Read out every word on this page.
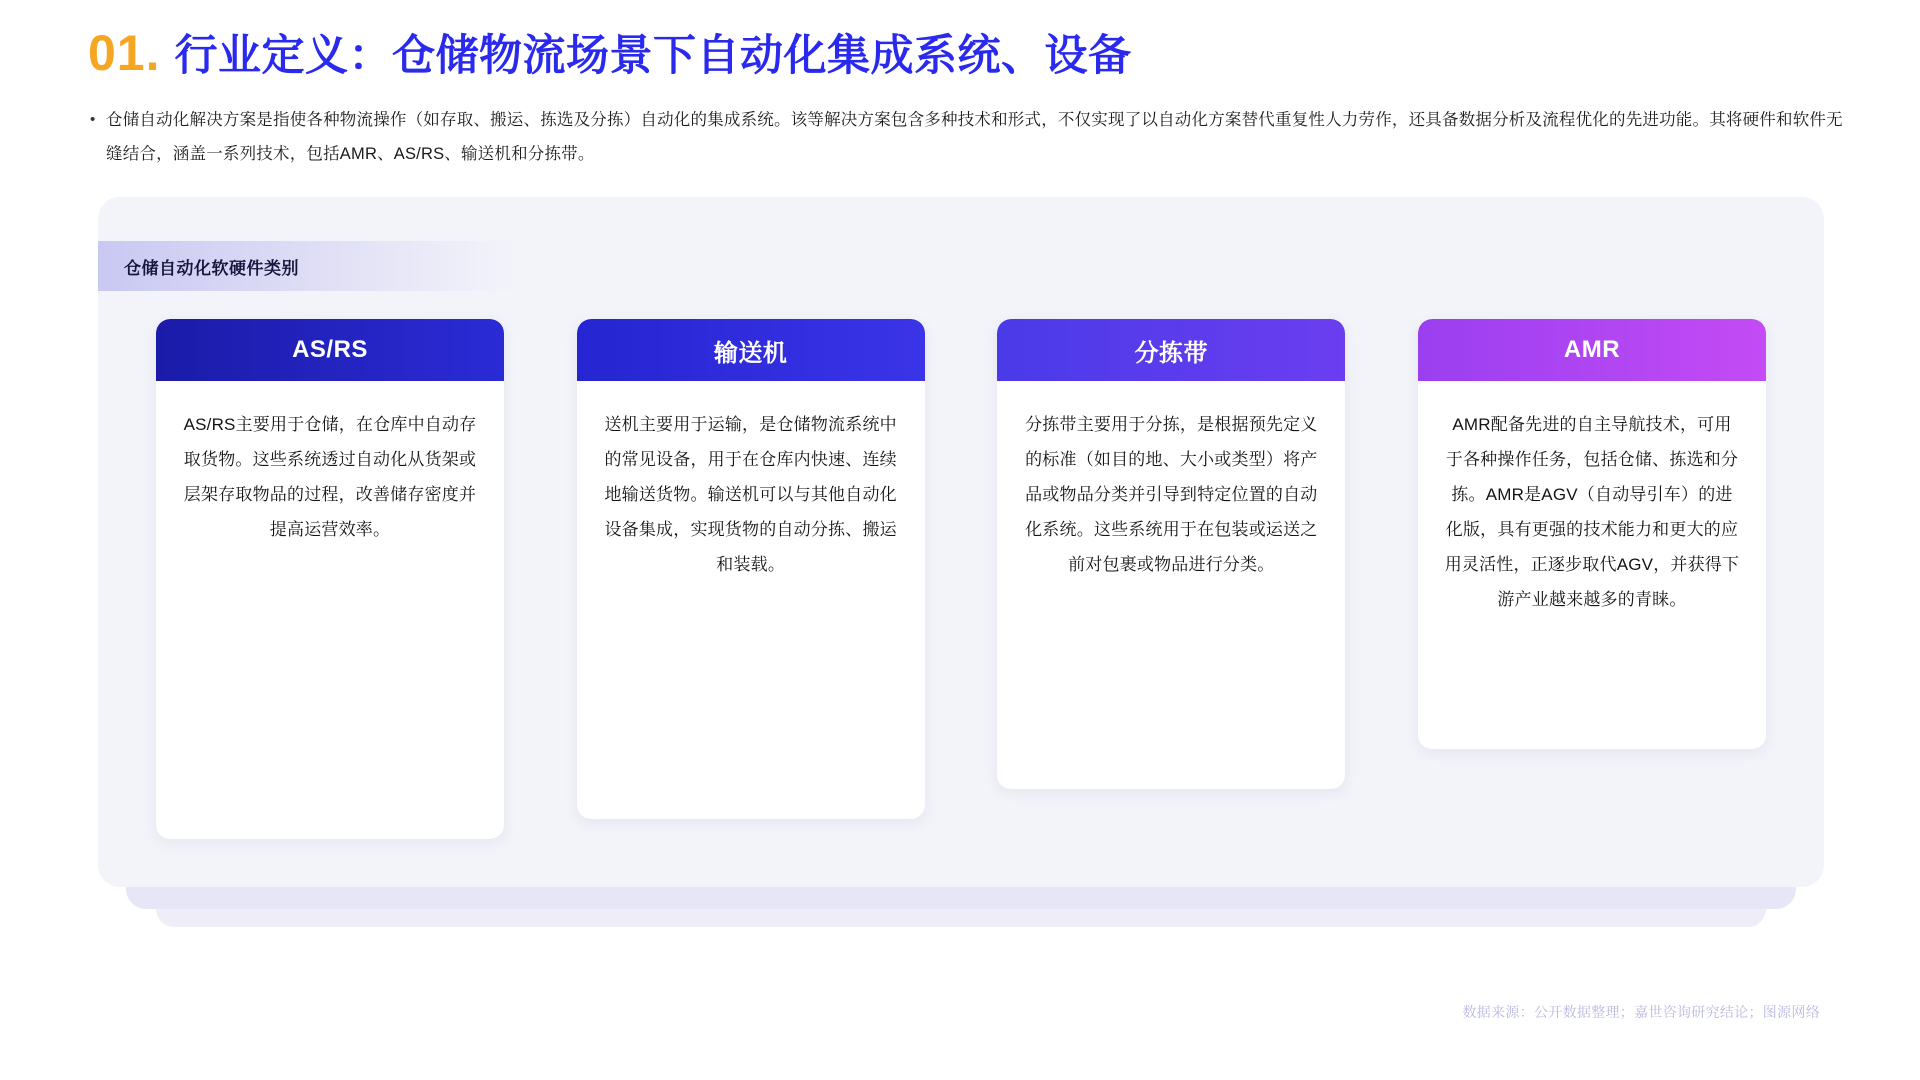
01. 行业定义：仓储物流场景下自动化集成系统、设备
• 仓储自动化解决方案是指使各种物流操作（如存取、搬运、拣选及分拣）自动化的集成系统。该等解决方案包含多种技术和形式，不仅实现了以自动化方案替代重复性人力劳作，还具备数据分析及流程优化的先进功能。其将硬件和软件无缝结合，涵盖一系列技术，包括AMR、AS/RS、输送机和分拣带。
仓储自动化软硬件类别
AS/RS
AS/RS主要用于仓储，在仓库中自动存取货物。这些系统透过自动化从货架或层架存取物品的过程，改善储存密度并提高运营效率。
输送机
送机主要用于运输，是仓储物流系统中的常见设备，用于在仓库内快速、连续地输送货物。输送机可以与其他自动化设备集成，实现货物的自动分拣、搬运和装载。
分拣带
分拣带主要用于分拣，是根据预先定义的标准（如目的地、大小或类型）将产品或物品分类并引导到特定位置的自动化系统。这些系统用于在包装或运送之前对包裹或物品进行分类。
AMR
AMR配备先进的自主导航技术，可用于各种操作任务，包括仓储、拣选和分拣。AMR是AGV（自动导引车）的进化版，具有更强的技术能力和更大的应用灵活性，正逐步取代AGV，并获得下游产业越来越多的青睐。
数据来源：公开数据整理；嘉世咨询研究结论；图源网络
